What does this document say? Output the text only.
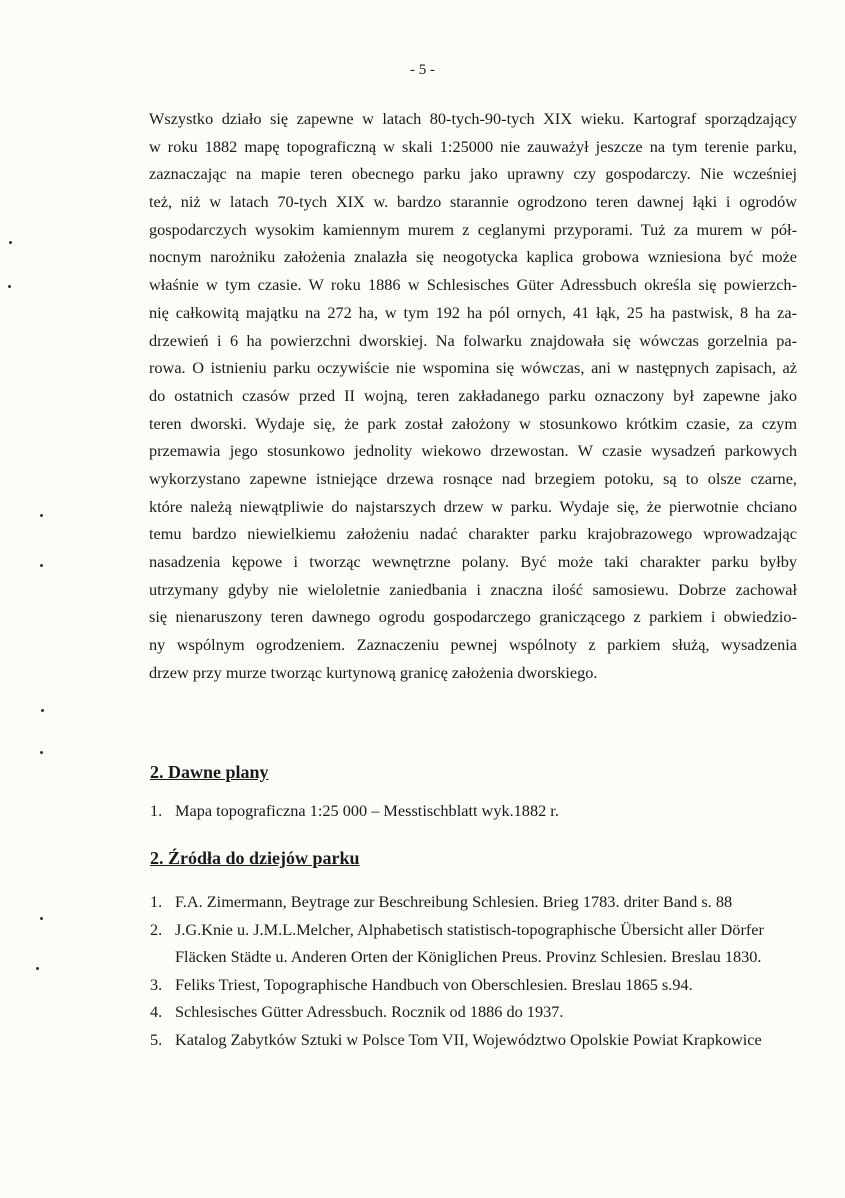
- 5 -
Wszystko działo się zapewne w latach 80-tych-90-tych XIX wieku. Kartograf sporządzający
w roku 1882 mapę topograficzną w skali 1:25000 nie zauważył jeszcze na tym terenie parku,
zaznaczając na mapie teren obecnego parku jako uprawny czy gospodarczy. Nie wcześniej
też, niż w latach 70-tych XIX w. bardzo starannie ogrodzono teren dawnej łąki i ogrodów
gospodarczych wysokim kamiennym murem z ceglanymi przyporami. Tuż za murem w pół-
nocnym narożniku założenia znalazła się neogotycka kaplica grobowa wzniesiona być może
właśnie w tym czasie. W roku 1886 w Schlesisches Güter Adressbuch określa się powierzch-
nię całkowitą majątku na 272 ha, w tym 192 ha pól ornych, 41 łąk, 25 ha pastwisk, 8 ha za-
drzewień i 6 ha powierzchni dworskiej. Na folwarku znajdowała się wówczas gorzelnia pa-
rowa. O istnieniu parku oczywiście nie wspomina się wówczas, ani w następnych zapisach, aż
do ostatnich czasów przed II wojną, teren zakładanego parku oznaczony był zapewne jako
teren dworski. Wydaje się, że park został założony w stosunkowo krótkim czasie, za czym
przemawia jego stosunkowo jednolity wiekowo drzewostan. W czasie wysadzeń parkowych
wykorzystano zapewne istniejące drzewa rosnące nad brzegiem potoku, są to olsze czarne,
które należą niewątpliwie do najstarszych drzew w parku. Wydaje się, że pierwotnie chciano
temu bardzo niewielkiemu założeniu nadać charakter parku krajobrazowego wprowadzając
nasadzenia kępowe i tworząc wewnętrzne polany. Być może taki charakter parku byłby
utrzymany gdyby nie wieloletnie zaniedbania i znaczna ilość samosiewu. Dobrze zachował
się nienaruszony teren dawnego ogrodu gospodarczego graniczącego z parkiem i obwiedzio-
ny wspólnym ogrodzeniem. Zaznaczeniu pewnej wspólnoty z parkiem służą, wysadzenia
drzew przy murze tworząc kurtynową granicę założenia dworskiego.
2. Dawne plany
1. Mapa topograficzna 1:25 000 – Messtischblatt wyk.1882 r.
2. Źródła do dziejów parku
1. F.A. Zimermann, Beytrage zur Beschreibung Schlesien. Brieg 1783. driter Band s. 88
2. J.G.Knie u. J.M.L.Melcher, Alphabetisch statistisch-topographische Übersicht aller Dörfer
Fläcken Städte u. Anderen Orten der Königlichen Preus. Provinz Schlesien. Breslau 1830.
3. Feliks Triest, Topographische Handbuch von Oberschlesien. Breslau 1865 s.94.
4. Schlesisches Gütter Adressbuch. Rocznik od 1886 do 1937.
5. Katalog Zabytków Sztuki w Polsce Tom VII, Województwo Opolskie Powiat Krapkowice
